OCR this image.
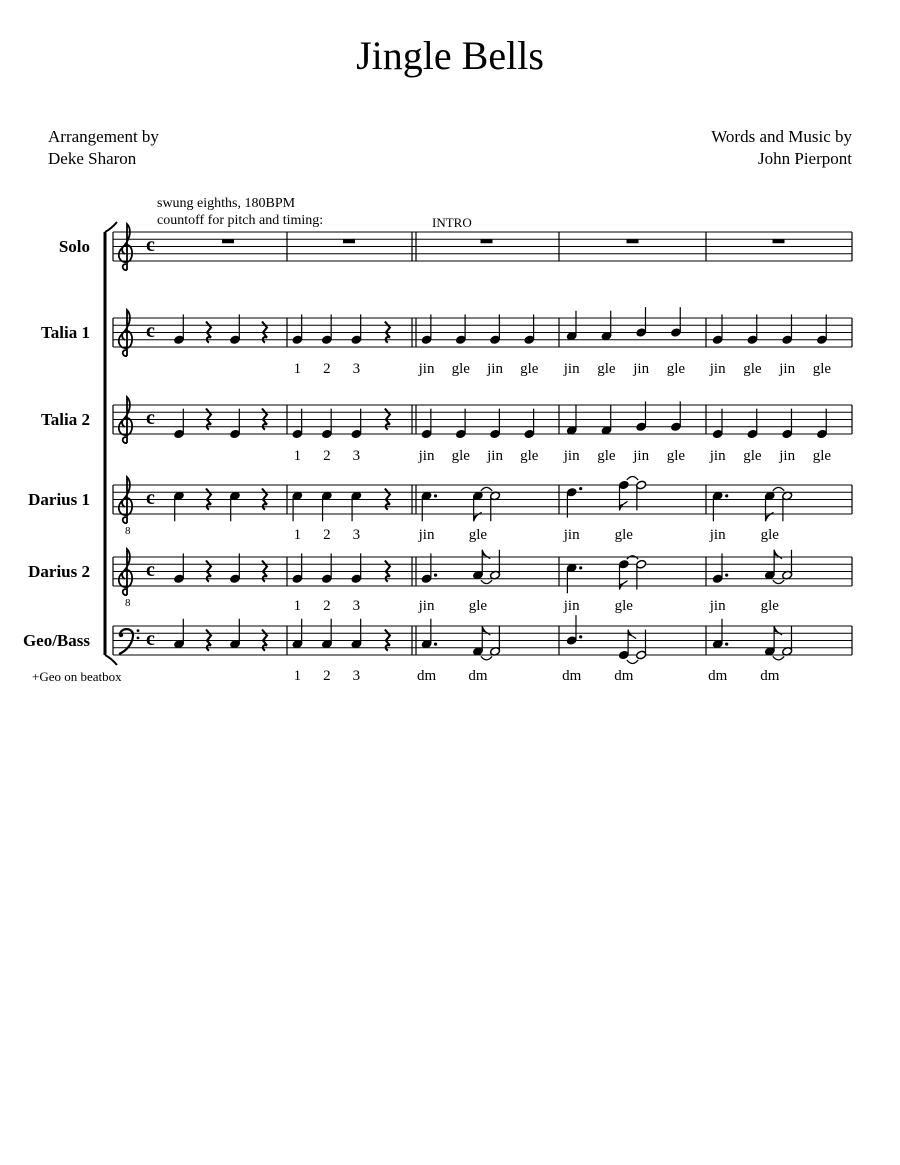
Jingle Bells
Arrangement by
Deke Sharon
Words and Music by
John Pierpont
swung eighths, 180BPM
countoff for pitch and timing:	INTRO
+Geo on beatbox
Solo
Talia 1
Talia 2
Darius 1
Darius 2
Geo/Bass
1	2	3	jin gle jin gle jin gle jin gle jin gle jin gle
1	2	3	jin gle jin gle jin gle jin gle jin gle jin gle
1	2	3	jin gle	jin gle	jin gle
1	2	3	jin gle	jin gle	jin gle
1	2	3	dm dm	dm dm	dm dm
c
c
c
8
c
8
c
c
